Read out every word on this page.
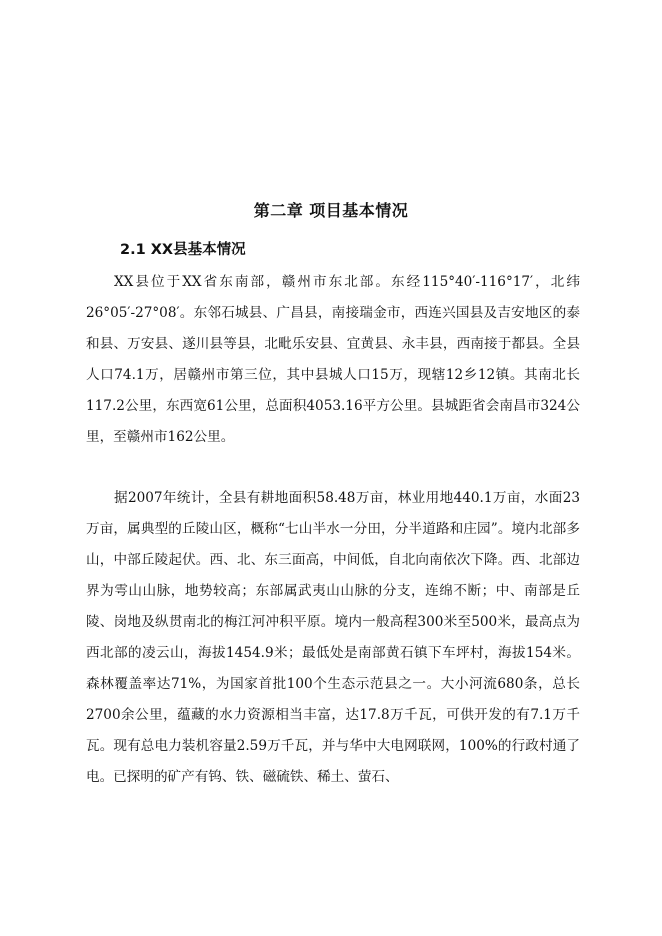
第二章 项目基本情况
2.1 XX县基本情况

XX县位于XX省东南部，赣州市东北部。东经115°40′-116°17′，北纬26°05′-27°08′。东邻石城县、广昌县，南接瑞金市，西连兴国县及吉安地区的泰和县、万安县、遂川县等县，北毗乐安县、宜黄县、永丰县，西南接于都县。全县人口74.1万，居赣州市第三位，其中县城人口15万，现辖12乡12镇。其南北长117.2公里，东西宽61公里，总面积4053.16平方公里。县城距省会南昌市324公里，至赣州市162公里。

据2007年统计，全县有耕地面积58.48万亩，林业用地440.1万亩，水面23万亩，属典型的丘陵山区，概称“七山半水一分田，分半道路和庄园”。境内北部多山，中部丘陵起伏。西、北、东三面高，中间低，自北向南依次下降。西、北部边界为雩山山脉，地势较高；东部属武夷山山脉的分支，连绵不断；中、南部是丘陵、岗地及纵贯南北的梅江河冲积平原。境内一般高程300米至500米，最高点为西北部的凌云山，海拔1454.9米；最低处是南部黄石镇下车坪村，海拔154米。森林覆盖率达71%，为国家首批100个生态示范县之一。大小河流680条，总长2700余公里，蕴藏的水力资源相当丰富，达17.8万千瓦，可供开发的有7.1万千瓦。现有总电力装机容量2.59万千瓦，并与华中大电网联网，100%的行政村通了电。已探明的矿产有钨、铁、磁硫铁、稀土、萤石、
